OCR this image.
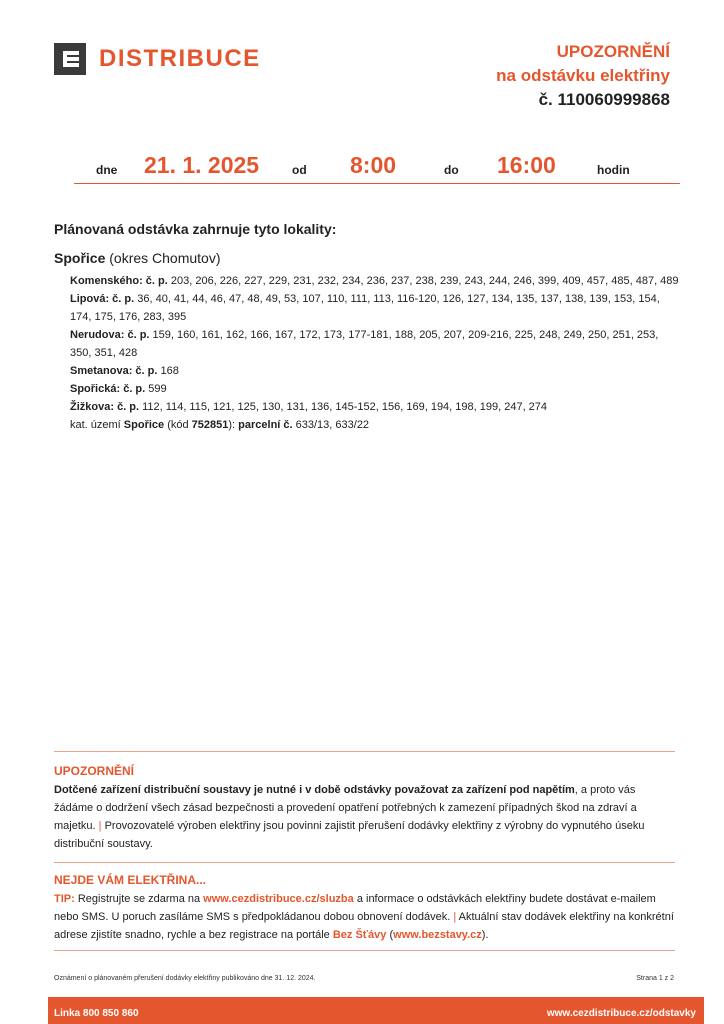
DISTRIBUCE	UPOZORNĚNÍ
na odstávku elektřiny
č. 110060999868
dne 21. 1. 2025	od 8:00	do 16:00	hodin
Plánovaná odstávka zahrnuje tyto lokality:
Spořice (okres Chomutov)
Komenského: č. p. 203, 206, 226, 227, 229, 231, 232, 234, 236, 237, 238, 239, 243, 244, 246, 399, 409, 457, 485, 487, 489
Lipová: č. p. 36, 40, 41, 44, 46, 47, 48, 49, 53, 107, 110, 111, 113, 116-120, 126, 127, 134, 135, 137, 138, 139, 153, 154, 174, 175, 176, 283, 395
Nerudova: č. p. 159, 160, 161, 162, 166, 167, 172, 173, 177-181, 188, 205, 207, 209-216, 225, 248, 249, 250, 251, 253, 350, 351, 428
Smetanova: č. p. 168
Spořická: č. p. 599
Žižkova: č. p. 112, 114, 115, 121, 125, 130, 131, 136, 145-152, 156, 169, 194, 198, 199, 247, 274
kat. území Spořice (kód 752851): parcelní č. 633/13, 633/22
UPOZORNĚNÍ
Dotčené zařízení distribuční soustavy je nutné i v době odstávky považovat za zařízení pod napětím, a proto vás žádáme o dodržení všech zásad bezpečnosti a provedení opatření potřebných k zamezení případných škod na zdraví a majetku. | Provozovatelé výroben elektřiny jsou povinni zajistit přerušení dodávky elektřiny z výrobny do vypnutého úseku distribuční soustavy.
NEJDE VÁM ELEKTŘINA...
TIP: Registrujte se zdarma na www.cezdistribuce.cz/sluzba a informace o odstávkách elektřiny budete dostávat e-mailem nebo SMS. U poruch zasíláme SMS s předpokládanou dobou obnovení dodávek. | Aktuální stav dodávek elektřiny na konkrétní adrese zjistíte snadno, rychle a bez registrace na portále Bez Šťávy (www.bezstavy.cz).
Oznámení o plánovaném přerušení dodávky elektřiny publikováno dne 31. 12. 2024.	Strana 1 z 2
Linka 800 850 860	www.cezdistribuce.cz/odstavky
